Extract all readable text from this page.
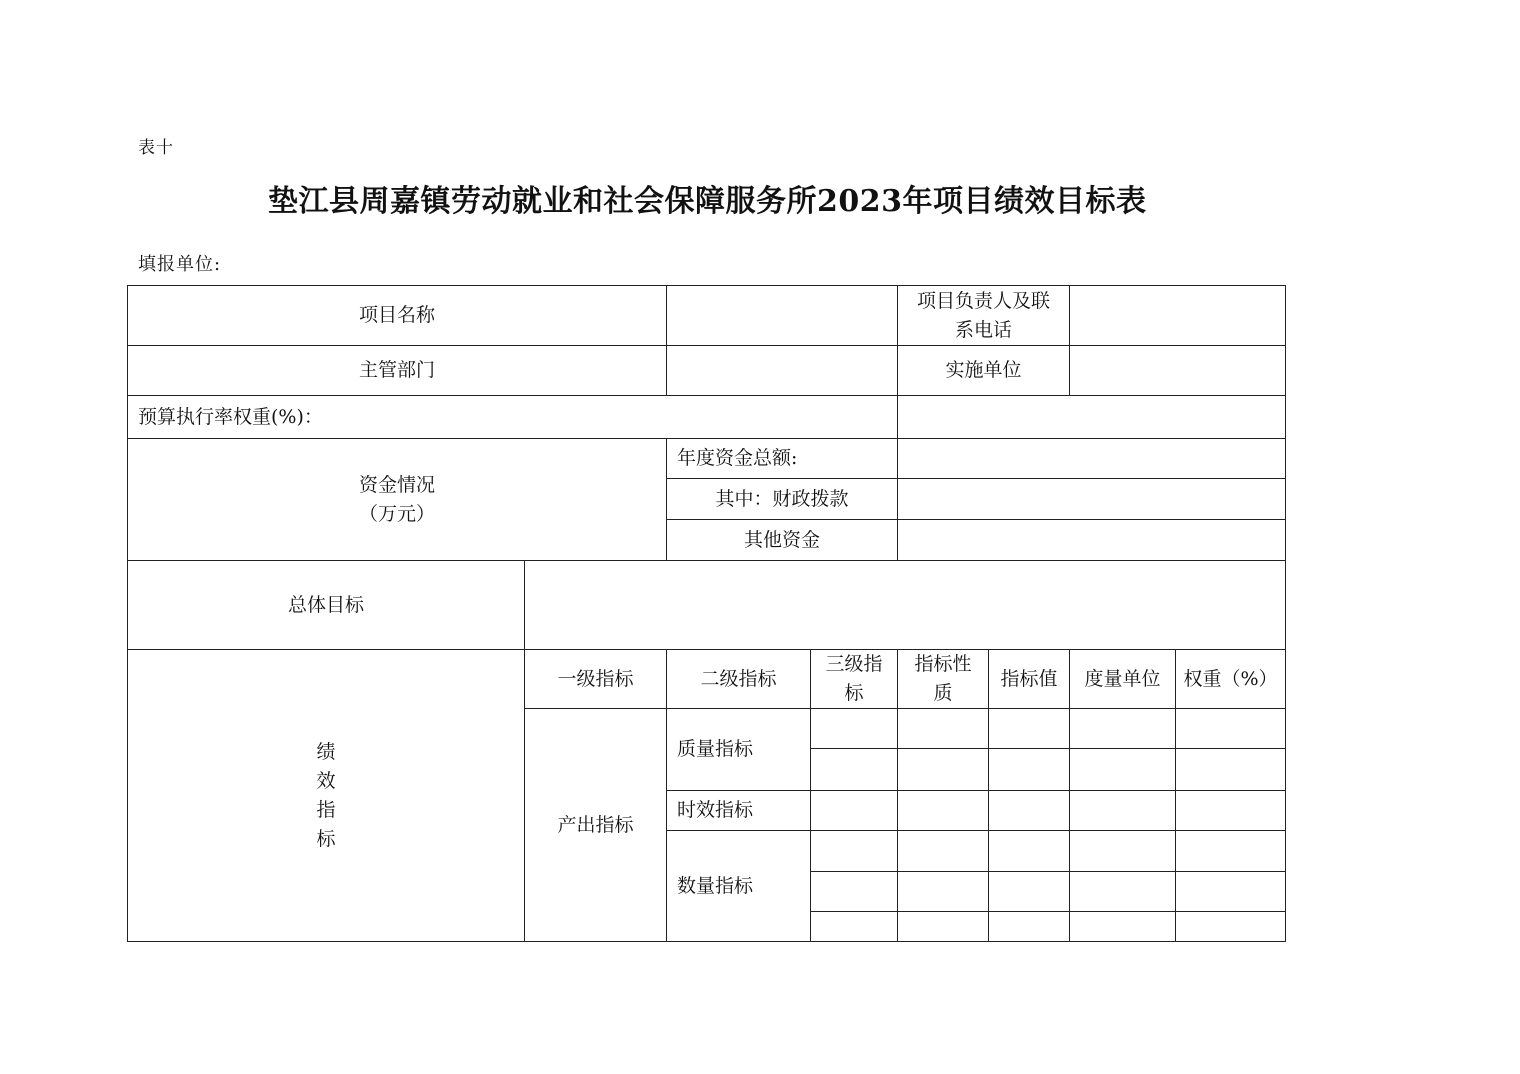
表十
垫江县周嘉镇劳动就业和社会保障服务所2023年项目绩效目标表
填报单位:
项目名称
项目负责人及联
系电话
主管部门	实施单位
预算执行率权重(%)：
资金情况
（万元）
年度资金总额:
其中：财政拨款
其他资金
总体目标
绩
效
指
标
一级指标	二级指标
三级指
标
指标性
质
指标值 度量单位 权重（%）
产出指标
质量指标
时效指标
数量指标
